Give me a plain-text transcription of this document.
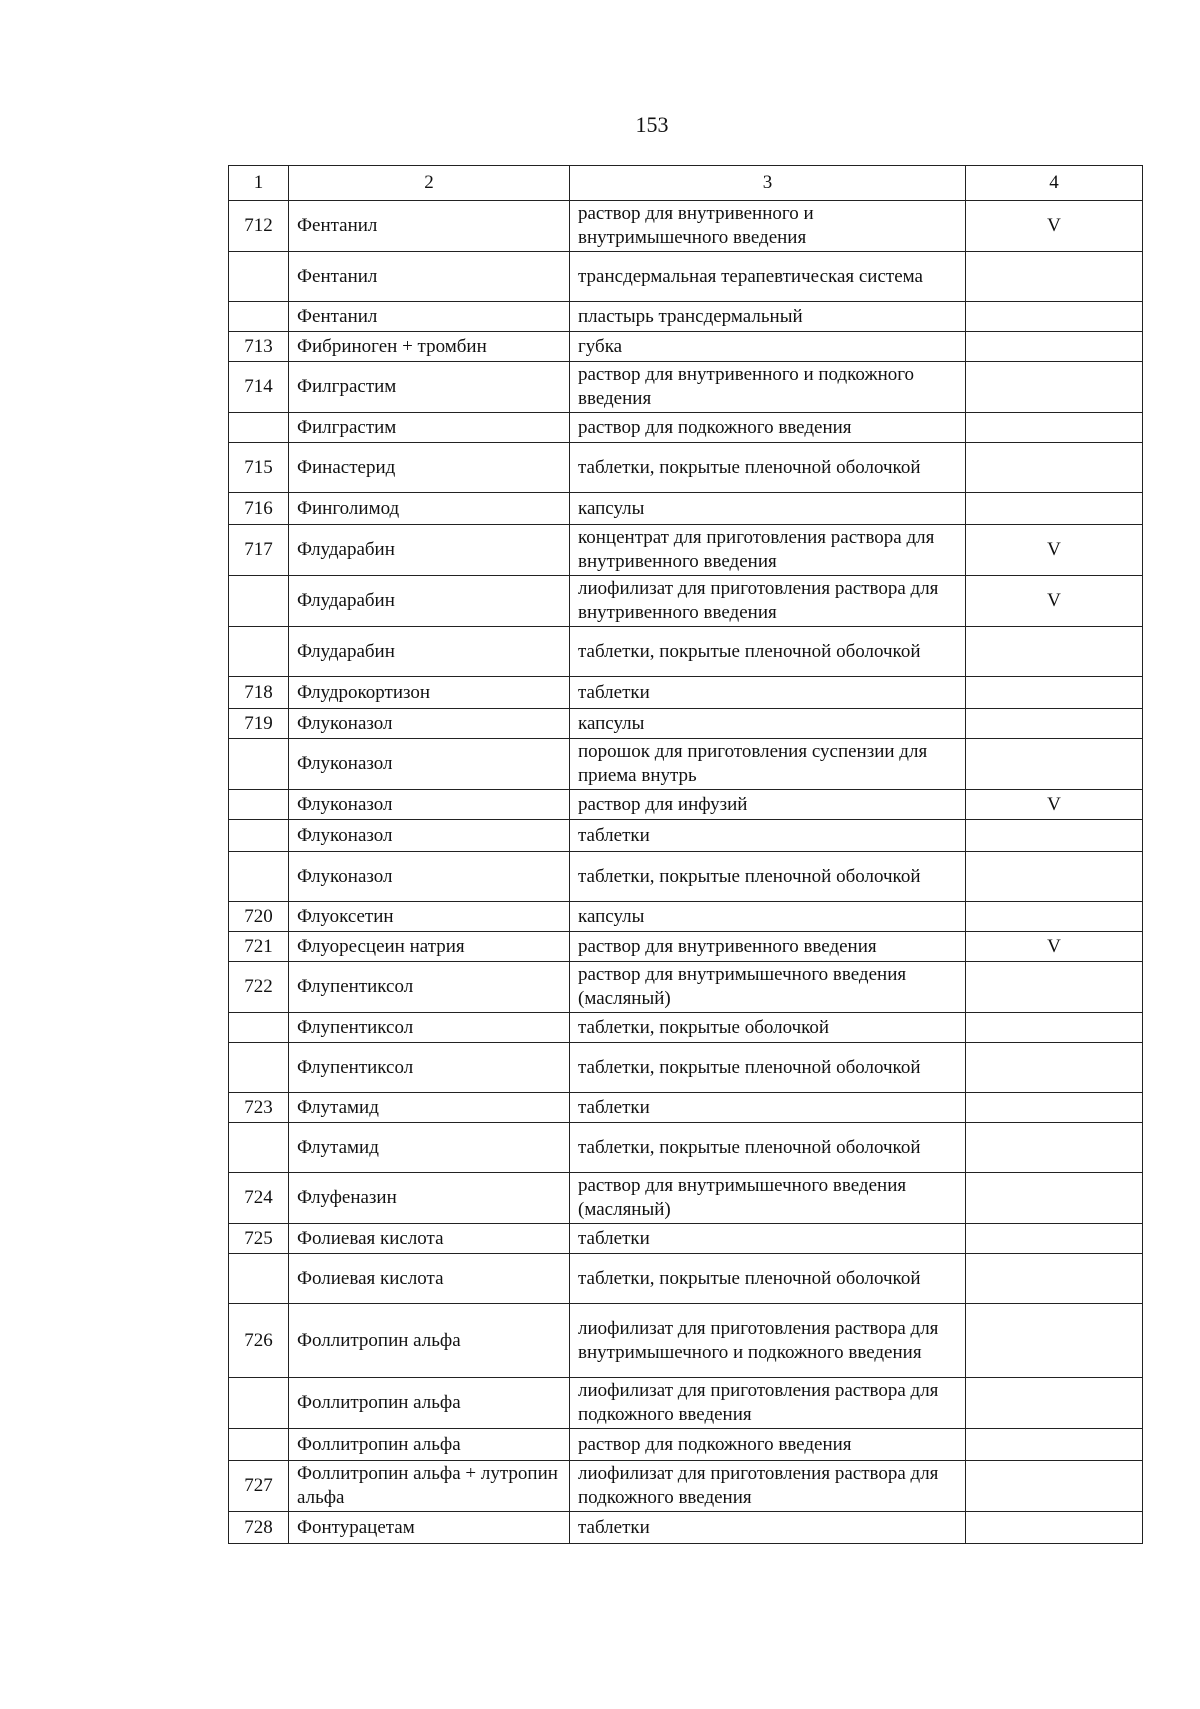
153
1	2	3	4
712	Фентанил	раствор для внутривенного и внутримышечного введения	V
	Фентанил	трансдермальная терапевтическая система	
	Фентанил	пластырь трансдермальный	
713	Фибриноген + тромбин	губка	
714	Филграстим	раствор для внутривенного и подкожного введения	
	Филграстим	раствор для подкожного введения	
715	Финастерид	таблетки, покрытые пленочной оболочкой	
716	Финголимод	капсулы	
717	Флударабин	концентрат для приготовления раствора для внутривенного введения	V
	Флударабин	лиофилизат для приготовления раствора для внутривенного введения	V
	Флударабин	таблетки, покрытые пленочной оболочкой	
718	Флудрокортизон	таблетки	
719	Флуконазол	капсулы	
	Флуконазол	порошок для приготовления суспензии для приема внутрь	
	Флуконазол	раствор для инфузий	V
	Флуконазол	таблетки	
	Флуконазол	таблетки, покрытые пленочной оболочкой	
720	Флуоксетин	капсулы	
721	Флуоресцеин натрия	раствор для внутривенного введения	V
722	Флупентиксол	раствор для внутримышечного введения (масляный)	
	Флупентиксол	таблетки, покрытые оболочкой	
	Флупентиксол	таблетки, покрытые пленочной оболочкой	
723	Флутамид	таблетки	
	Флутамид	таблетки, покрытые пленочной оболочкой	
724	Флуфеназин	раствор для внутримышечного введения (масляный)	
725	Фолиевая кислота	таблетки	
	Фолиевая кислота	таблетки, покрытые пленочной оболочкой	
726	Фоллитропин альфа	лиофилизат для приготовления раствора для внутримышечного и подкожного введения	
	Фоллитропин альфа	лиофилизат для приготовления раствора для подкожного введения	
	Фоллитропин альфа	раствор для подкожного введения	
727	Фоллитропин альфа + лутропин альфа	лиофилизат для приготовления раствора для подкожного введения	
728	Фонтурацетам	таблетки	
